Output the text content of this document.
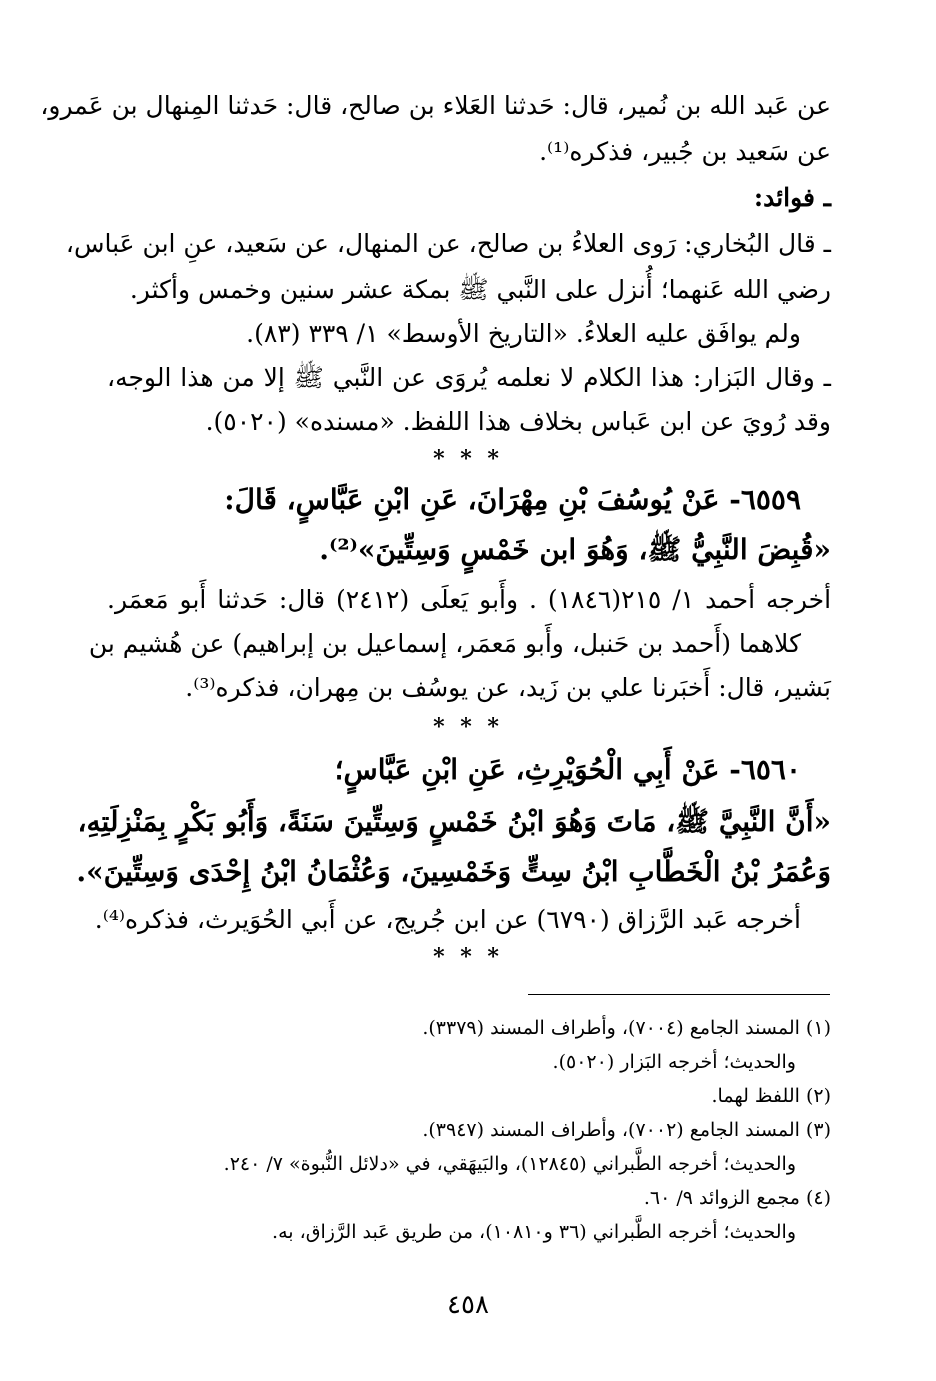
عن عَبد الله بن نُمير، قال: حَدثنا العَلاء بن صالح، قال: حَدثنا المِنهال بن عَمرو،
عن سَعيد بن جُبير، فذكره⁽¹⁾.
ـ فوائد:
ـ قال البُخاري: رَوى العلاءُ بن صالح، عن المنهال، عن سَعيد، عنِ ابن عَباس،
رضي الله عَنهما؛ أُنزل على النَّبي ﷺ بمكة عشر سنين وخمس وأكثر.
ولم يوافَق عليه العلاءُ. «التاريخ الأوسط» ١/ ٣٣٩ (٨٣).
ـ وقال البَزار: هذا الكلام لا نعلمه يُروَى عن النَّبي ﷺ إلا من هذا الوجه،
وقد رُويَ عن ابن عَباس بخلاف هذا اللفظ. «مسنده» (٥٠٢٠).
* * *
٦٥٥٩- عَنْ يُوسُفَ بْنِ مِهْرَانَ، عَنِ ابْنِ عَبَّاسٍ، قَالَ:
«قُبِضَ النَّبِيُّ ﷺ، وَهُوَ ابن خَمْسٍ وَسِتِّينَ»⁽²⁾.
أخرجه أحمد ١/ ٢١٥(١٨٤٦) . وأَبو يَعلَى (٢٤١٢) قال: حَدثنا أَبو مَعمَر.
كلاهما (أَحمد بن حَنبل، وأَبو مَعمَر، إسماعيل بن إبراهيم) عن هُشيم بن
بَشير، قال: أَخبَرنا علي بن زَيد، عن يوسُف بن مِهران، فذكره⁽³⁾.
* * *
٦٥٦٠- عَنْ أَبِي الْحُوَيْرِثِ، عَنِ ابْنِ عَبَّاسٍ؛
«أَنَّ النَّبِيَّ ﷺ، مَاتَ وَهُوَ ابْنُ خَمْسٍ وَسِتِّينَ سَنَةً، وَأَبُو بَكْرٍ بِمَنْزِلَتِهِ،
وَعُمَرُ بْنُ الْخَطَّابِ ابْنُ سِتٍّ وَخَمْسِينَ، وَعُثْمَانُ ابْنُ إِحْدَى وَسِتِّينَ».
أخرجه عَبد الرَّزاق (٦٧٩٠) عن ابن جُريج، عن أَبي الحُوَيرث، فذكره⁽⁴⁾.
* * *
(١) المسند الجامع (٧٠٠٤)، وأطراف المسند (٣٣٧٩).
والحديث؛ أخرجه البَزار (٥٠٢٠).
(٢) اللفظ لهما.
(٣) المسند الجامع (٧٠٠٢)، وأطراف المسند (٣٩٤٧).
والحديث؛ أخرجه الطَّبراني (١٢٨٤٥)، والبَيهَقي، في «دلائل النُّبوة» ٧/ ٢٤٠.
(٤) مجمع الزوائد ٩/ ٦٠.
والحديث؛ أخرجه الطَّبراني (٣٦ و١٠٨١٠)، من طريق عَبد الرَّزاق، به.
٤٥٨
